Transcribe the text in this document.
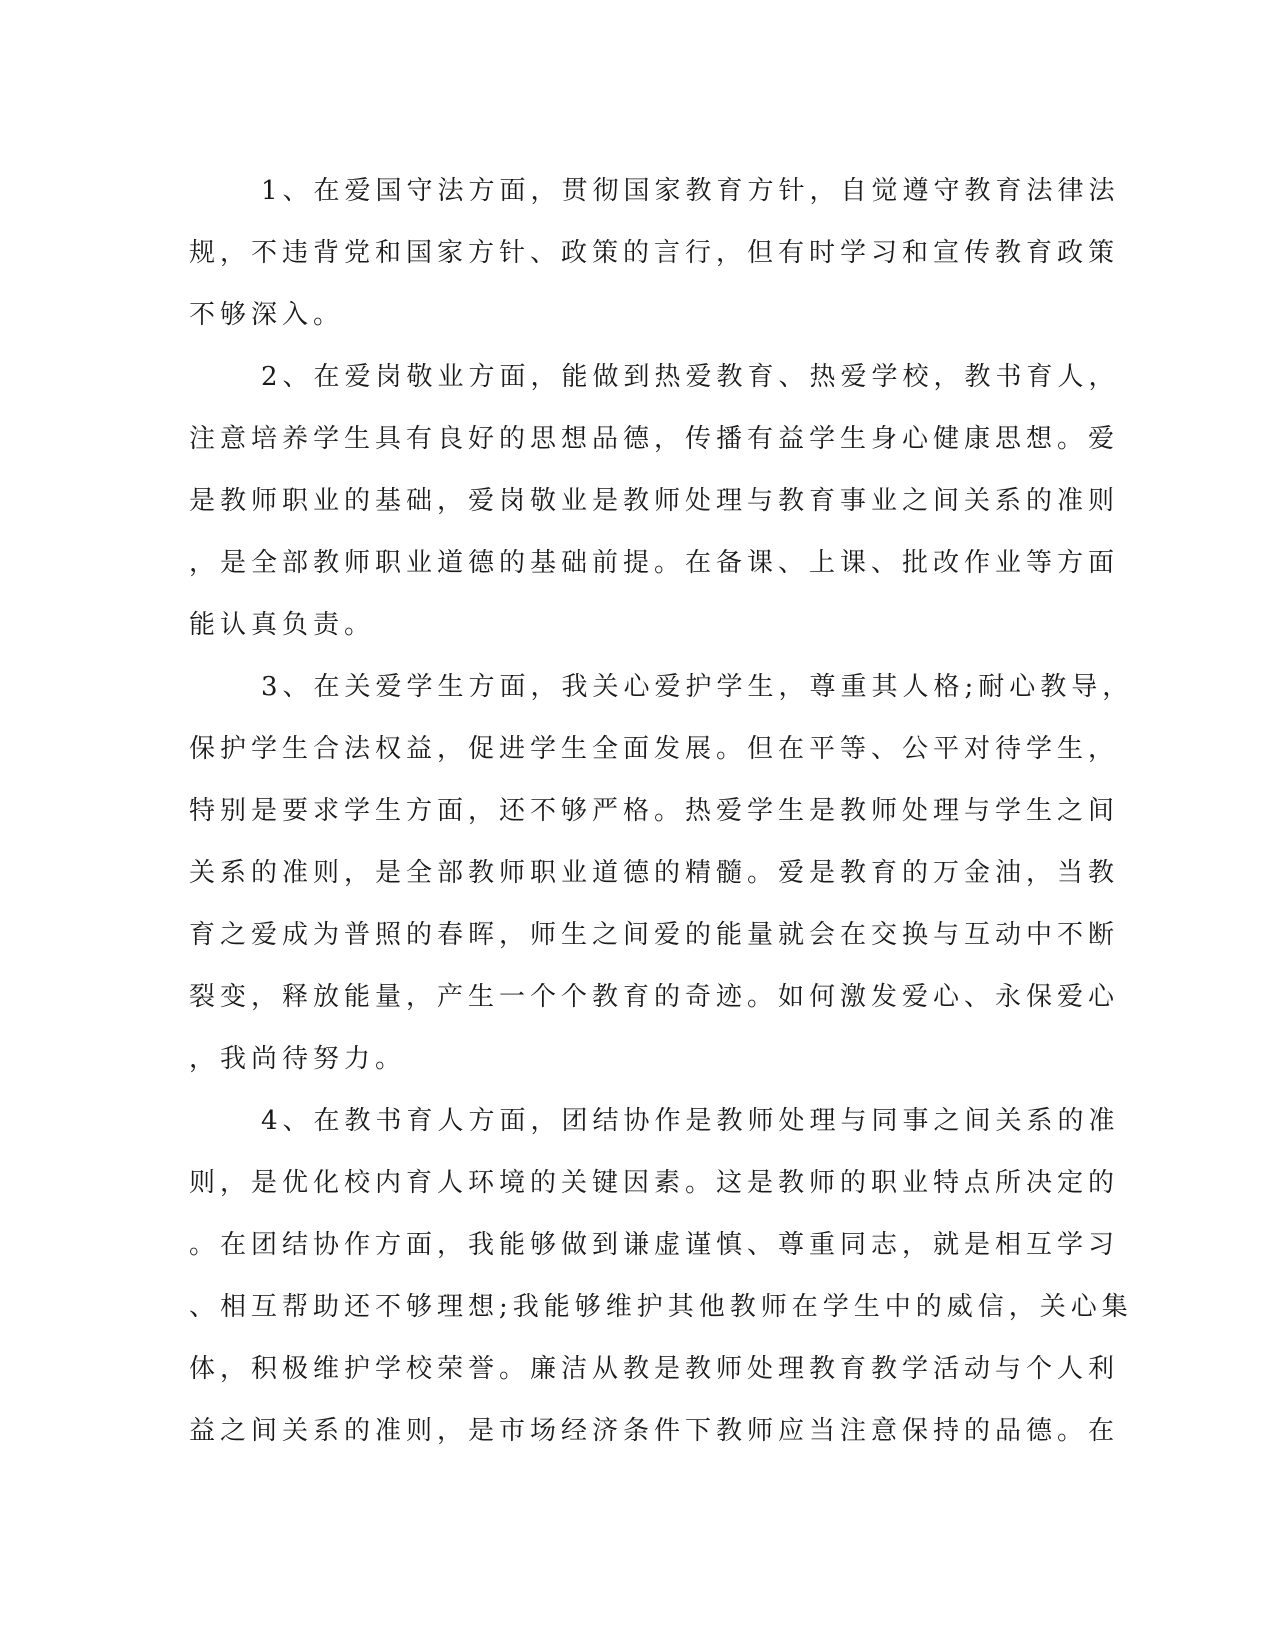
1、在爱国守法方面，贯彻国家教育方针，自觉遵守教育法律法
规，不违背党和国家方针、政策的言行，但有时学习和宣传教育政策
不够深入。
2、在爱岗敬业方面，能做到热爱教育、热爱学校，教书育人，
注意培养学生具有良好的思想品德，传播有益学生身心健康思想。爱
是教师职业的基础，爱岗敬业是教师处理与教育事业之间关系的准则
，是全部教师职业道德的基础前提。在备课、上课、批改作业等方面
能认真负责。
3、在关爱学生方面，我关心爱护学生，尊重其人格;耐心教导，
保护学生合法权益，促进学生全面发展。但在平等、公平对待学生，
特别是要求学生方面，还不够严格。热爱学生是教师处理与学生之间
关系的准则，是全部教师职业道德的精髓。爱是教育的万金油，当教
育之爱成为普照的春晖，师生之间爱的能量就会在交换与互动中不断
裂变，释放能量，产生一个个教育的奇迹。如何激发爱心、永保爱心
，我尚待努力。
4、在教书育人方面，团结协作是教师处理与同事之间关系的准
则，是优化校内育人环境的关键因素。这是教师的职业特点所决定的
。在团结协作方面，我能够做到谦虚谨慎、尊重同志，就是相互学习
、相互帮助还不够理想;我能够维护其他教师在学生中的威信，关心集
体，积极维护学校荣誉。廉洁从教是教师处理教育教学活动与个人利
益之间关系的准则，是市场经济条件下教师应当注意保持的品德。在
